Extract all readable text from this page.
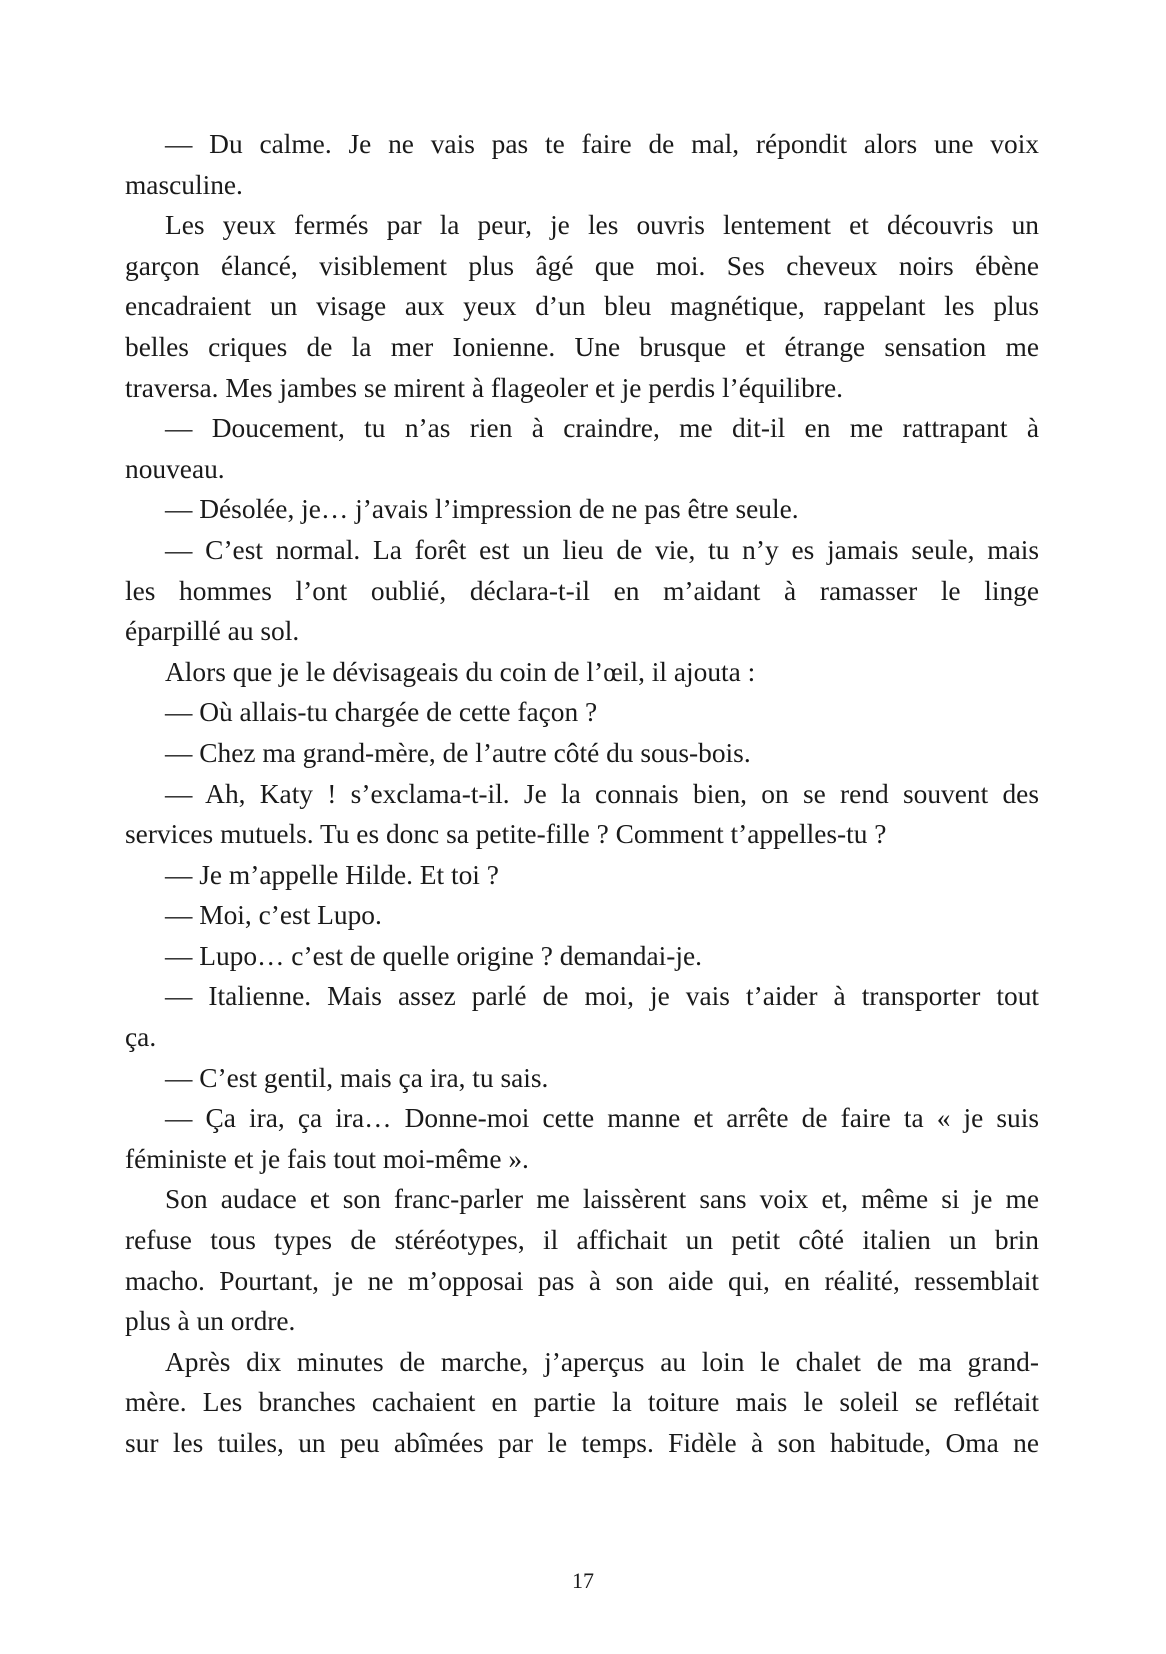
— Du calme. Je ne vais pas te faire de mal, répondit alors une voix
masculine.
Les yeux fermés par la peur, je les ouvris lentement et découvris un
garçon élancé, visiblement plus âgé que moi. Ses cheveux noirs ébène
encadraient un visage aux yeux d’un bleu magnétique, rappelant les plus
belles criques de la mer Ionienne. Une brusque et étrange sensation me
traversa. Mes jambes se mirent à flageoler et je perdis l’équilibre.
— Doucement, tu n’as rien à craindre, me dit-il en me rattrapant à
nouveau.
— Désolée, je… j’avais l’impression de ne pas être seule.
— C’est normal. La forêt est un lieu de vie, tu n’y es jamais seule, mais
les hommes l’ont oublié, déclara-t-il en m’aidant à ramasser le linge
éparpillé au sol.
Alors que je le dévisageais du coin de l’œil, il ajouta :
— Où allais-tu chargée de cette façon ?
— Chez ma grand-mère, de l’autre côté du sous-bois.
— Ah, Katy ! s’exclama-t-il. Je la connais bien, on se rend souvent des
services mutuels. Tu es donc sa petite-fille ? Comment t’appelles-tu ?
— Je m’appelle Hilde. Et toi ?
— Moi, c’est Lupo.
— Lupo… c’est de quelle origine ? demandai-je.
— Italienne. Mais assez parlé de moi, je vais t’aider à transporter tout
ça.
— C’est gentil, mais ça ira, tu sais.
— Ça ira, ça ira… Donne-moi cette manne et arrête de faire ta « je suis
féministe et je fais tout moi-même ».
Son audace et son franc-parler me laissèrent sans voix et, même si je me
refuse tous types de stéréotypes, il affichait un petit côté italien un brin
macho. Pourtant, je ne m’opposai pas à son aide qui, en réalité, ressemblait
plus à un ordre.
Après dix minutes de marche, j’aperçus au loin le chalet de ma grand-
mère. Les branches cachaient en partie la toiture mais le soleil se reflétait
sur les tuiles, un peu abîmées par le temps. Fidèle à son habitude, Oma ne
17
